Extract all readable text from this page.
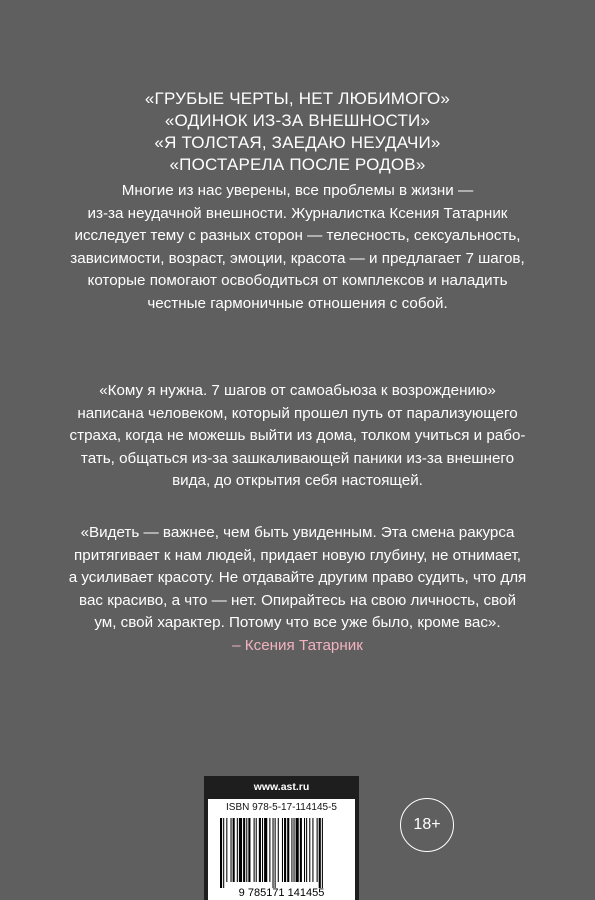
«ГРУБЫЕ ЧЕРТЫ, НЕТ ЛЮБИМОГО»
«ОДИНОК ИЗ-ЗА ВНЕШНОСТИ»
«Я ТОЛСТАЯ, ЗАЕДАЮ НЕУДАЧИ»
«ПОСТАРЕЛА ПОСЛЕ РОДОВ»
Многие из нас уверены, все проблемы в жизни —
из-за неудачной внешности. Журналистка Ксения Татарник
исследует тему с разных сторон — телесность, сексуальность,
зависимости, возраст, эмоции, красота — и предлагает 7 шагов,
которые помогают освободиться от комплексов и наладить
честные гармоничные отношения с собой.
«Кому я нужна. 7 шагов от самоабьюза к возрождению»
написана человеком, который прошел путь от парализующего
страха, когда не можешь выйти из дома, толком учиться и рабо-
тать, общаться из-за зашкаливающей паники из-за внешнего
вида, до открытия себя настоящей.
«Видеть — важнее, чем быть увиденным. Эта смена ракурса
притягивает к нам людей, придает новую глубину, не отнимает,
а усиливает красоту. Не отдавайте другим право судить, что для
вас красиво, а что — нет. Опирайтесь на свою личность, свой
ум, свой характер. Потому что все уже было, кроме вас».
– Ксения Татарник
www.ast.ru
ISBN 978-5-17-114145-5
9 785171 141455
18+
